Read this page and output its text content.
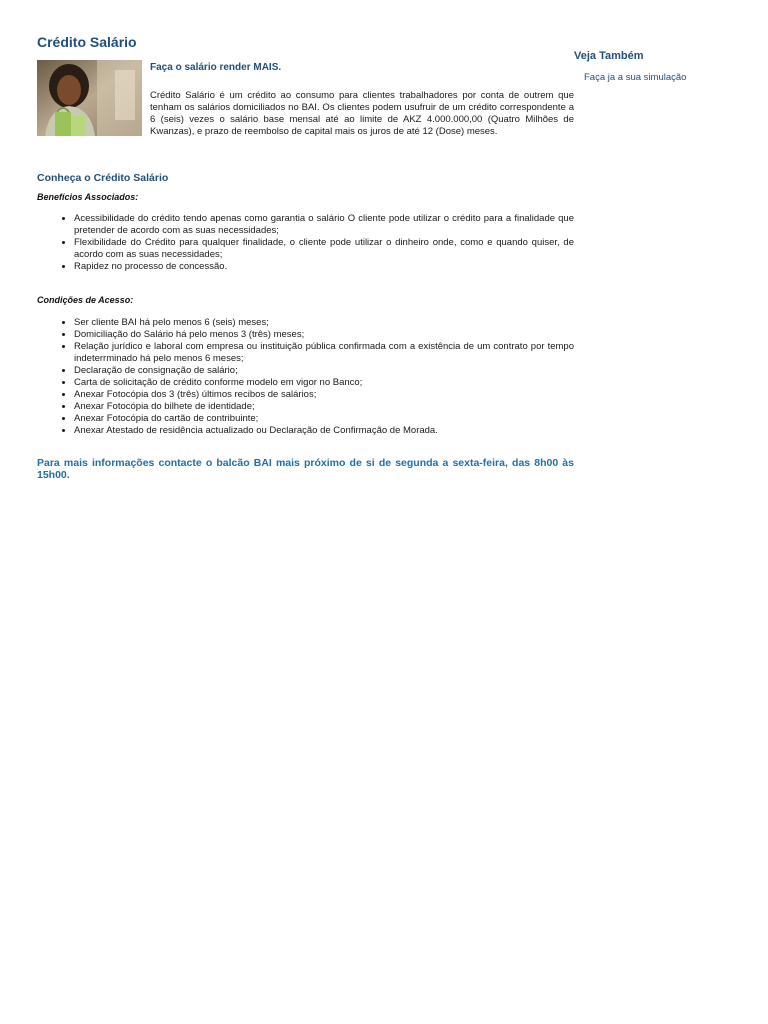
Crédito Salário
Faça o salário render MAIS.

Crédito Salário é um crédito ao consumo para clientes trabalhadores por conta de outrem que tenham os salários domiciliados no BAI. Os clientes podem usufruir de um crédito correspondente a 6 (seis) vezes o salário base mensal até ao limite de AKZ 4.000.000,00 (Quatro Milhões de Kwanzas), e prazo de reembolso de capital mais os juros de até 12 (Dose) meses.

Conheça o Crédito Salário

Benefícios Associados:

• Acessibilidade do crédito tendo apenas como garantia o salário O cliente pode utilizar o crédito para a finalidade que pretender de acordo com as suas necessidades;
• Flexibilidade do Crédito para qualquer finalidade, o cliente pode utilizar o dinheiro onde, como e quando quiser, de acordo com as suas necessidades;
• Rapidez no processo de concessão.

Condições de Acesso:

• Ser cliente BAI há pelo menos 6 (seis) meses;
• Domiciliação do Salário há pelo menos 3 (três) meses;
• Relação jurídico e laboral com empresa ou instituição pública confirmada com a existência de um contrato por tempo indeterrminado há pelo menos 6 meses;
• Declaração de consignação de salário;
• Carta de solicitação de crédito conforme modelo em vigor no Banco;
• Anexar Fotocópia dos 3 (três) últimos recibos de salários;
• Anexar Fotocópia do bilhete de identidade;
• Anexar Fotocópia do cartão de contribuinte;
• Anexar Atestado de residência actualizado ou Declaração de Confirmação de Morada.

Para mais informações contacte o balcão BAI mais próximo de si de segunda a sexta-feira, das 8h00 às 15h00.

Veja Também
Faça ja a sua simulação
